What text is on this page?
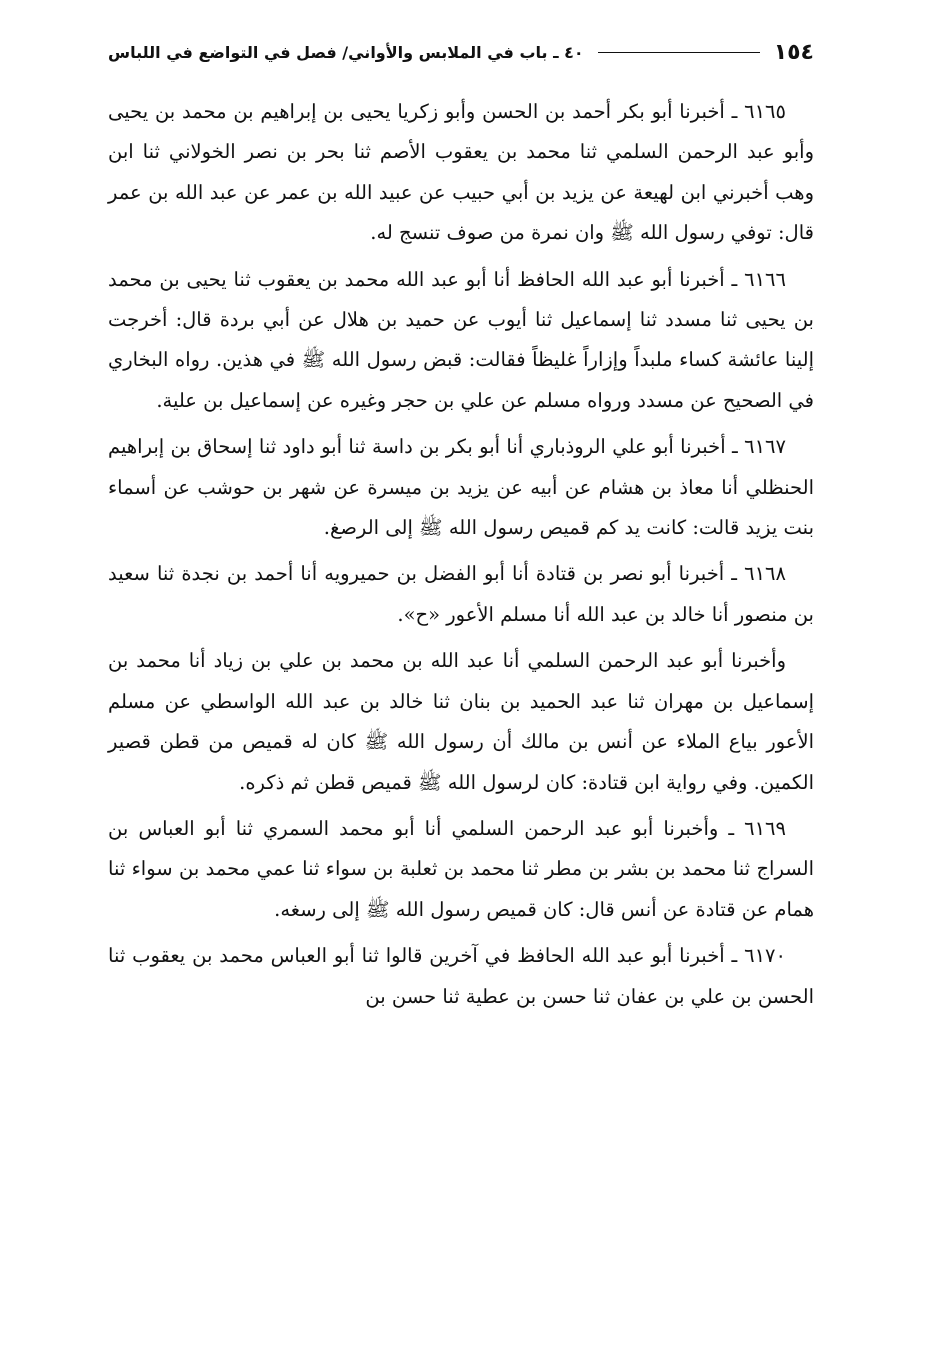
١٥٤
٤٠ ـ باب في الملابس والأواني/ فصل في التواضع في اللباس

٦١٦٥ ـ أخبرنا أبو بكر أحمد بن الحسن وأبو زكريا يحيى بن إبراهيم بن محمد بن يحيى وأبو عبد الرحمن السلمي ثنا محمد بن يعقوب الأصم ثنا بحر بن نصر الخولاني ثنا ابن وهب أخبرني ابن لهيعة عن يزيد بن أبي حبيب عن عبيد الله بن عمر عن عبد الله بن عمر قال: توفي رسول الله ﷺ وان نمرة من صوف تنسج له.

٦١٦٦ ـ أخبرنا أبو عبد الله الحافظ أنا أبو عبد الله محمد بن يعقوب ثنا يحيى بن محمد بن يحيى ثنا مسدد ثنا إسماعيل ثنا أيوب عن حميد بن هلال عن أبي بردة قال: أخرجت إلينا عائشة كساء ملبداً وإزاراً غليظاً فقالت: قبض رسول الله ﷺ في هذين. رواه البخاري في الصحيح عن مسدد ورواه مسلم عن علي بن حجر وغيره عن إسماعيل بن علية.

٦١٦٧ ـ أخبرنا أبو علي الروذباري أنا أبو بكر بن داسة ثنا أبو داود ثنا إسحاق بن إبراهيم الحنظلي أنا معاذ بن هشام عن أبيه عن يزيد بن ميسرة عن شهر بن حوشب عن أسماء بنت يزيد قالت: كانت يد كم قميص رسول الله ﷺ إلى الرصغ.

٦١٦٨ ـ أخبرنا أبو نصر بن قتادة أنا أبو الفضل بن حميرويه أنا أحمد بن نجدة ثنا سعيد بن منصور أنا خالد بن عبد الله أنا مسلم الأعور «ح».

وأخبرنا أبو عبد الرحمن السلمي أنا عبد الله بن محمد بن علي بن زياد أنا محمد بن إسماعيل بن مهران ثنا عبد الحميد بن بنان ثنا خالد بن عبد الله الواسطي عن مسلم الأعور بياع الملاء عن أنس بن مالك أن رسول الله ﷺ كان له قميص من قطن قصير الكمين. وفي رواية ابن قتادة: كان لرسول الله ﷺ قميص قطن ثم ذكره.

٦١٦٩ ـ وأخبرنا أبو عبد الرحمن السلمي أنا أبو محمد السمري ثنا أبو العباس بن السراج ثنا محمد بن بشر بن مطر ثنا محمد بن ثعلبة بن سواء ثنا عمي محمد بن سواء ثنا همام عن قتادة عن أنس قال: كان قميص رسول الله ﷺ إلى رسغه.

٦١٧٠ ـ أخبرنا أبو عبد الله الحافظ في آخرين قالوا ثنا أبو العباس محمد بن يعقوب ثنا الحسن بن علي بن عفان ثنا حسن بن عطية ثنا حسن بن
